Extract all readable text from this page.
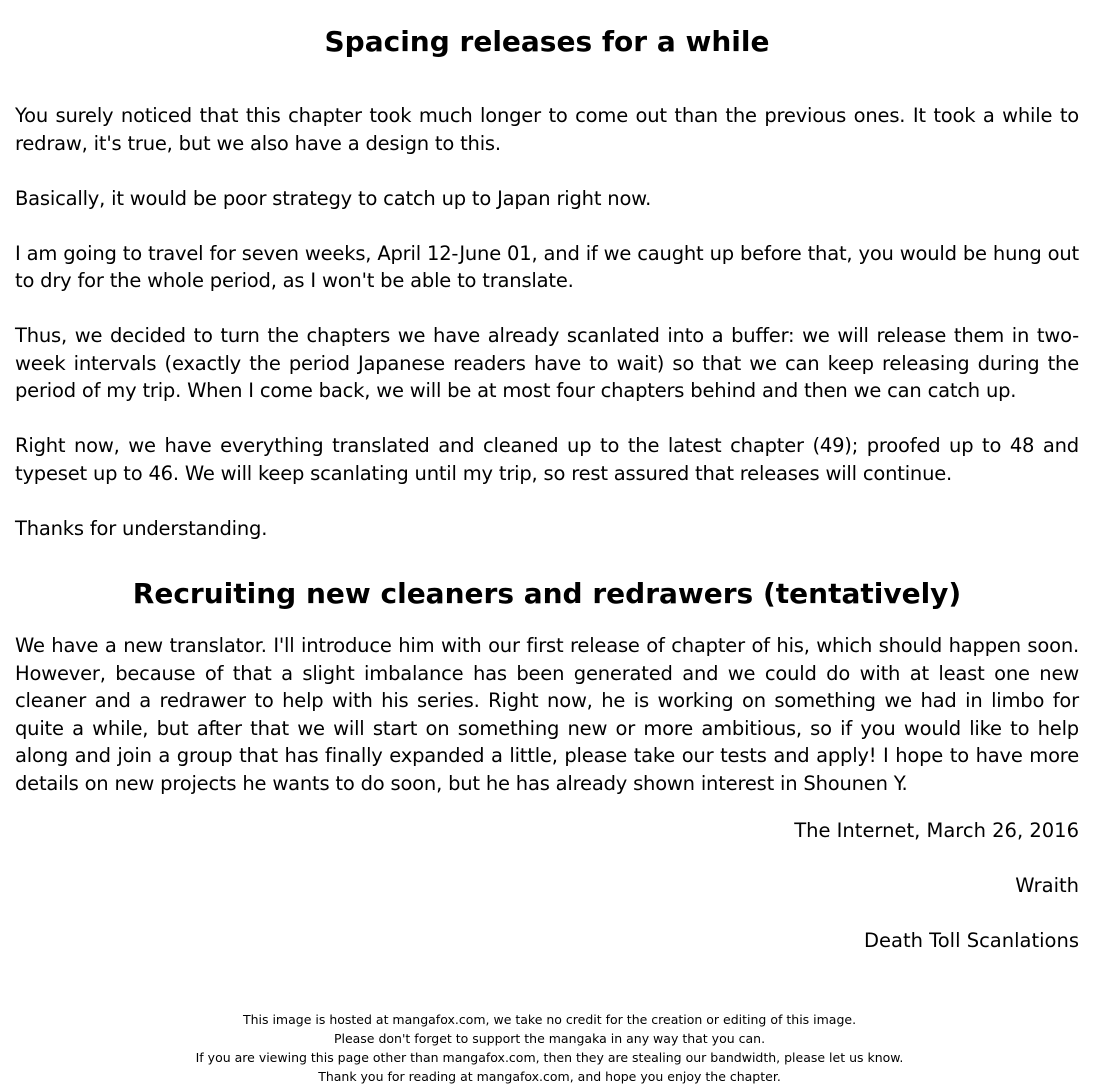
Spacing releases for a while

You surely noticed that this chapter took much longer to come out than the previous ones. It took a while to redraw, it's true, but we also have a design to this.

Basically, it would be poor strategy to catch up to Japan right now.

I am going to travel for seven weeks, April 12-June 01, and if we caught up before that, you would be hung out to dry for the whole period, as I won't be able to translate.

Thus, we decided to turn the chapters we have already scanlated into a buffer: we will release them in two-week intervals (exactly the period Japanese readers have to wait) so that we can keep releasing during the period of my trip. When I come back, we will be at most four chapters behind and then we can catch up.

Right now, we have everything translated and cleaned up to the latest chapter (49); proofed up to 48 and typeset up to 46. We will keep scanlating until my trip, so rest assured that releases will continue.

Thanks for understanding.

Recruiting new cleaners and redrawers (tentatively)

We have a new translator. I'll introduce him with our first release of chapter of his, which should happen soon. However, because of that a slight imbalance has been generated and we could do with at least one new cleaner and a redrawer to help with his series. Right now, he is working on something we had in limbo for quite a while, but after that we will start on something new or more ambitious, so if you would like to help along and join a group that has finally expanded a little, please take our tests and apply! I hope to have more details on new projects he wants to do soon, but he has already shown interest in Shounen Y.

The Internet, March 26, 2016
Wraith
Death Toll Scanlations
This image is hosted at mangafox.com, we take no credit for the creation or editing of this image.
Please don't forget to support the mangaka in any way that you can.
If you are viewing this page other than mangafox.com, then they are stealing our bandwidth, please let us know.
Thank you for reading at mangafox.com, and hope you enjoy the chapter.
